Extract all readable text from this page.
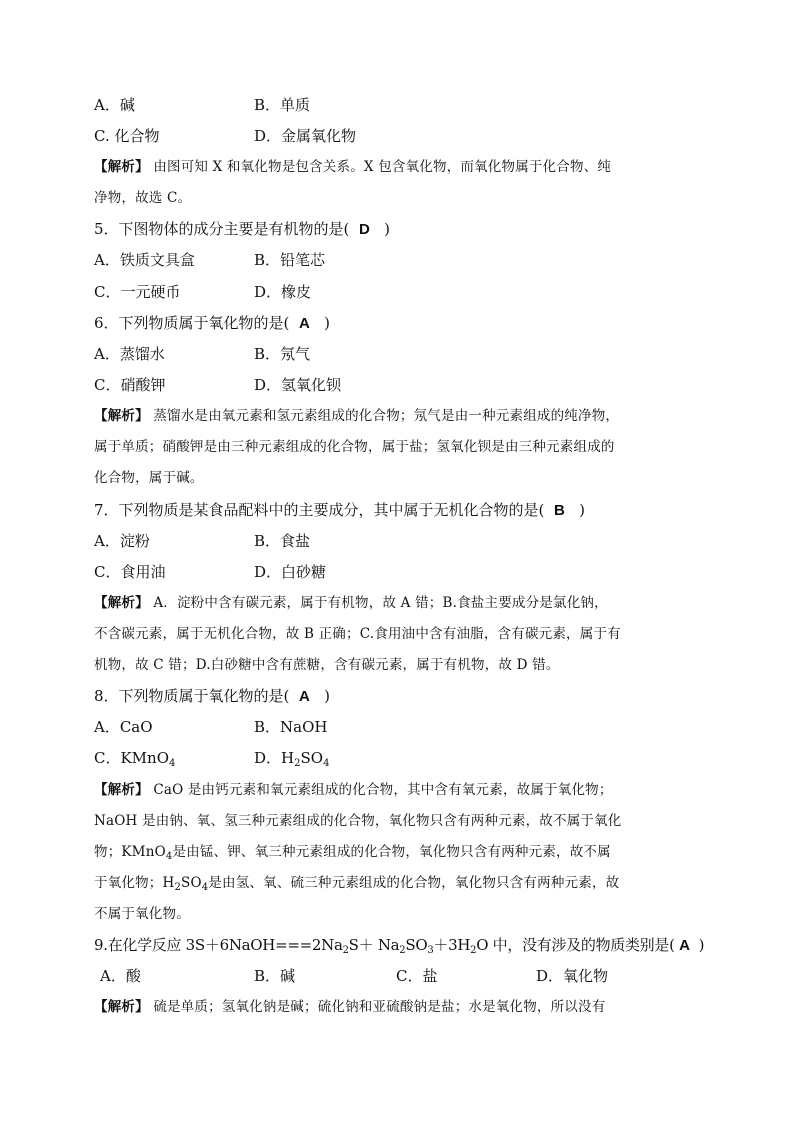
A．碱	B．单质
C. 化合物	D．金属氧化物
【解析】 由图可知 X 和氧化物是包含关系。X 包含氧化物，而氧化物属于化合物、纯
净物，故选 C。
5．下图物体的成分主要是有机物的是( D )
A．铁质文具盒	B．铅笔芯
C．一元硬币	D．橡皮
6．下列物质属于氧化物的是( A )
A．蒸馏水	B．氖气
C．硝酸钾	D．氢氧化钡
【解析】 蒸馏水是由氧元素和氢元素组成的化合物；氖气是由一种元素组成的纯净物，
属于单质；硝酸钾是由三种元素组成的化合物，属于盐；氢氧化钡是由三种元素组成的
化合物，属于碱。
7．下列物质是某食品配料中的主要成分，其中属于无机化合物的是( B )
A．淀粉	B．食盐
C．食用油	D．白砂糖
【解析】 A．淀粉中含有碳元素，属于有机物，故 A 错；B.食盐主要成分是氯化钠，
不含碳元素，属于无机化合物，故 B 正确；C.食用油中含有油脂，含有碳元素，属于有
机物，故 C 错；D.白砂糖中含有蔗糖，含有碳元素，属于有机物，故 D 错。
8．下列物质属于氧化物的是( A )
A．CaO	B．NaOH
C．KMnO$_4$	D．$H_2SO_4$
【解析】 CaO 是由钙元素和氧元素组成的化合物，其中含有氧元素，故属于氧化物；
NaOH 是由钠、氧、氢三种元素组成的化合物，氧化物只含有两种元素，故不属于氧化
物；KMnO$_4$是由锰、钾、氧三种元素组成的化合物，氧化物只含有两种元素，故不属
于氧化物；$H_2SO_4$是由氢、氧、硫三种元素组成的化合物，氧化物只含有两种元素，故
不属于氧化物。
9.在化学反应 $3S+6NaOH===2Na_2S+ Na_2SO_3+3H_2O$ 中，没有涉及的物质类别是( A )
A．酸	B．碱	C．盐	D．氧化物
【解析】 硫是单质；氢氧化钠是碱；硫化钠和亚硫酸钠是盐；水是氧化物，所以没有
